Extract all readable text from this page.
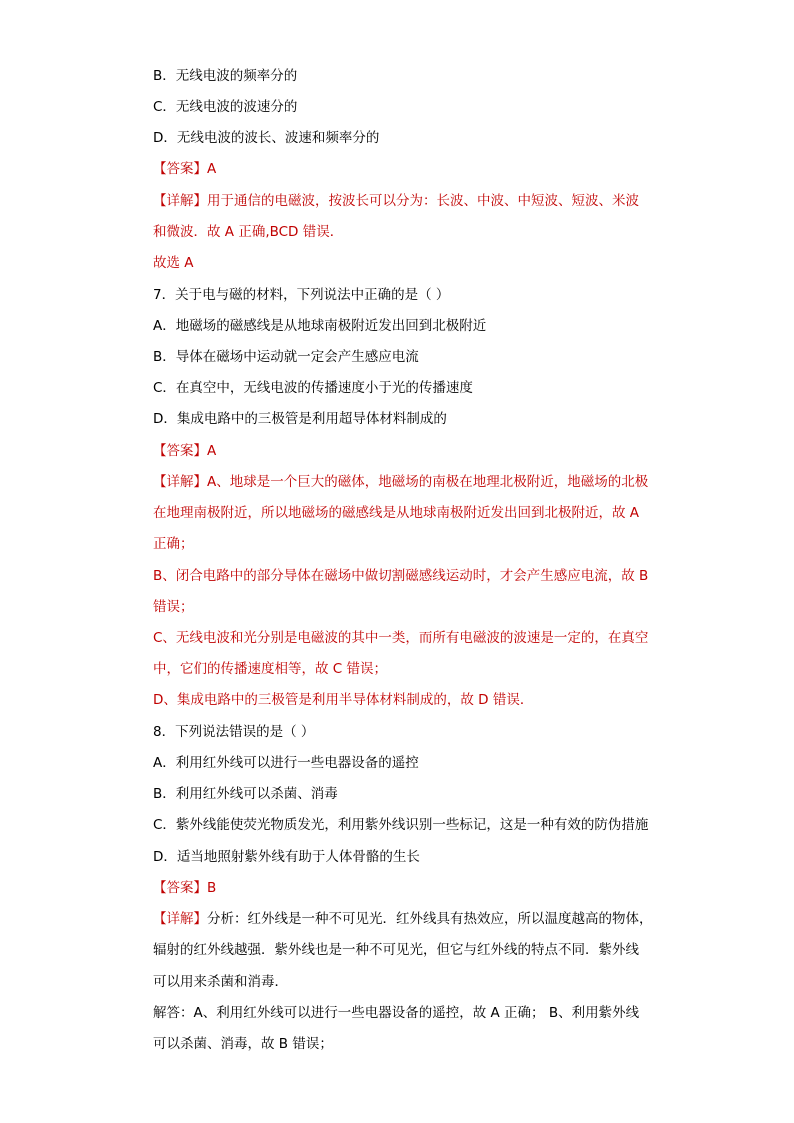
B．无线电波的频率分的
C．无线电波的波速分的
D．无线电波的波长、波速和频率分的
【答案】A
【详解】用于通信的电磁波，按波长可以分为：长波、中波、中短波、短波、米波
和微波．故 A 正确,BCD 错误．
故选 A
7．关于电与磁的材料，下列说法中正确的是（ ）
A．地磁场的磁感线是从地球南极附近发出回到北极附近
B．导体在磁场中运动就一定会产生感应电流
C．在真空中，无线电波的传播速度小于光的传播速度
D．集成电路中的三极管是利用超导体材料制成的
【答案】A
【详解】A、地球是一个巨大的磁体，地磁场的南极在地理北极附近，地磁场的北极
在地理南极附近，所以地磁场的磁感线是从地球南极附近发出回到北极附近，故 A
正确；
B、闭合电路中的部分导体在磁场中做切割磁感线运动时，才会产生感应电流，故 B
错误；
C、无线电波和光分别是电磁波的其中一类，而所有电磁波的波速是一定的，在真空
中，它们的传播速度相等，故 C 错误；
D、集成电路中的三极管是利用半导体材料制成的，故 D 错误．
8．下列说法错误的是（ ）
A．利用红外线可以进行一些电器设备的遥控
B．利用红外线可以杀菌、消毒
C．紫外线能使荧光物质发光，利用紫外线识别一些标记，这是一种有效的防伪措施
D．适当地照射紫外线有助于人体骨骼的生长
【答案】B
【详解】分析：红外线是一种不可见光．红外线具有热效应，所以温度越高的物体，
辐射的红外线越强．紫外线也是一种不可见光，但它与红外线的特点不同．紫外线
可以用来杀菌和消毒．
解答：A、利用红外线可以进行一些电器设备的遥控，故 A 正确； B、利用紫外线
可以杀菌、消毒，故 B 错误；
